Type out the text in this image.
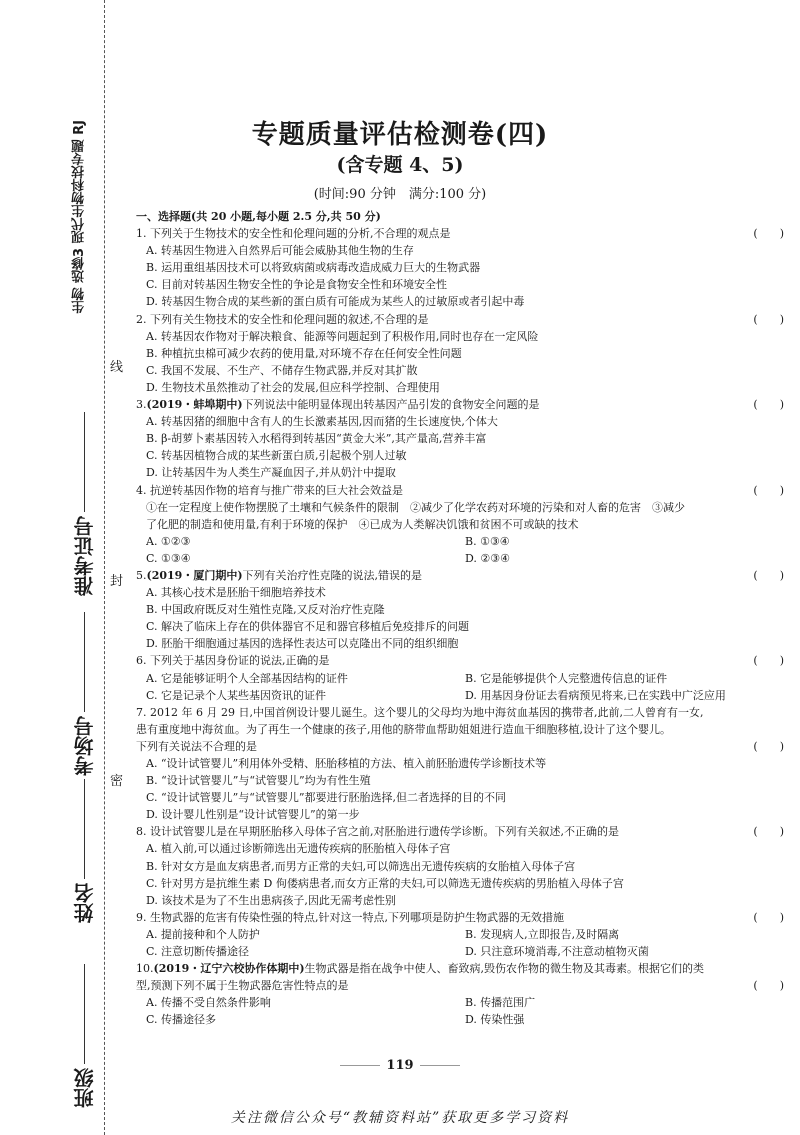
生物 选修3 现代生物科技专题 RJ
准考证号
考场号
姓名
班级
线
封
密
专题质量评估检测卷(四)
(含专题 4、5)
(时间:90 分钟　满分:100 分)
一、选择题(共 20 小题,每小题 2.5 分,共 50 分)
1. 下列关于生物技术的安全性和伦理问题的分析,不合理的观点是	(　　)
A. 转基因生物进入自然界后可能会威胁其他生物的生存
B. 运用重组基因技术可以将致病菌或病毒改造成威力巨大的生物武器
C. 目前对转基因生物安全性的争论是食物安全性和环境安全性
D. 转基因生物合成的某些新的蛋白质有可能成为某些人的过敏原或者引起中毒
2. 下列有关生物技术的安全性和伦理问题的叙述,不合理的是	(　　)
A. 转基因农作物对于解决粮食、能源等问题起到了积极作用,同时也存在一定风险
B. 种植抗虫棉可减少农药的使用量,对环境不存在任何安全性问题
C. 我国不发展、不生产、不储存生物武器,并反对其扩散
D. 生物技术虽然推动了社会的发展,但应科学控制、合理使用
3.(2019・蚌埠期中)下列说法中能明显体现出转基因产品引发的食物安全问题的是	(　　)
A. 转基因猪的细胞中含有人的生长激素基因,因而猪的生长速度快,个体大
B. β-胡萝卜素基因转入水稻得到转基因“黄金大米”,其产量高,营养丰富
C. 转基因植物合成的某些新蛋白质,引起极个别人过敏
D. 让转基因牛为人类生产凝血因子,并从奶汁中提取
4. 抗逆转基因作物的培育与推广带来的巨大社会效益是	(　　)
①在一定程度上使作物摆脱了土壤和气候条件的限制　②减少了化学农药对环境的污染和对人畜的危害　③减少
了化肥的制造和使用量,有利于环境的保护　④已成为人类解决饥饿和贫困不可或缺的技术
A. ①②③	B. ①③④
C. ①③④	D. ②③④
5.(2019・厦门期中)下列有关治疗性克隆的说法,错误的是	(　　)
A. 其核心技术是胚胎干细胞培养技术
B. 中国政府既反对生殖性克隆,又反对治疗性克隆
C. 解决了临床上存在的供体器官不足和器官移植后免疫排斥的问题
D. 胚胎干细胞通过基因的选择性表达可以克隆出不同的组织细胞
6. 下列关于基因身份证的说法,正确的是	(　　)
A. 它是能够证明个人全部基因结构的证件	B. 它是能够提供个人完整遗传信息的证件
C. 它是记录个人某些基因资讯的证件	D. 用基因身份证去看病预见将来,已在实践中广泛应用
7. 2012 年 6 月 29 日,中国首例设计婴儿诞生。这个婴儿的父母均为地中海贫血基因的携带者,此前,二人曾育有一女,
患有重度地中海贫血。为了再生一个健康的孩子,用他的脐带血帮助姐姐进行造血干细胞移植,设计了这个婴儿。
下列有关说法不合理的是	(　　)
A. “设计试管婴儿”利用体外受精、胚胎移植的方法、植入前胚胎遗传学诊断技术等
B. “设计试管婴儿”与“试管婴儿”均为有性生殖
C. “设计试管婴儿”与“试管婴儿”都要进行胚胎选择,但二者选择的目的不同
D. 设计婴儿性别是“设计试管婴儿”的第一步
8. 设计试管婴儿是在早期胚胎移入母体子宫之前,对胚胎进行遗传学诊断。下列有关叙述,不正确的是	(　　)
A. 植入前,可以通过诊断筛选出无遗传疾病的胚胎植入母体子宫
B. 针对女方是血友病患者,而男方正常的夫妇,可以筛选出无遗传疾病的女胎植入母体子宫
C. 针对男方是抗维生素 D 佝偻病患者,而女方正常的夫妇,可以筛选无遗传疾病的男胎植入母体子宫
D. 该技术是为了不生出患病孩子,因此无需考虑性别
9. 生物武器的危害有传染性强的特点,针对这一特点,下列哪项是防护生物武器的无效措施	(　　)
A. 提前接种和个人防护	B. 发现病人,立即报告,及时隔离
C. 注意切断传播途径	D. 只注意环境消毒,不注意动植物灭菌
10.(2019・辽宁六校协作体期中)生物武器是指在战争中使人、畜致病,毁伤农作物的微生物及其毒素。根据它们的类
型,预测下列不属于生物武器危害性特点的是	(　　)
A. 传播不受自然条件影响	B. 传播范围广
C. 传播途径多	D. 传染性强
119
关注微信公众号“教辅资料站”获取更多学习资料
